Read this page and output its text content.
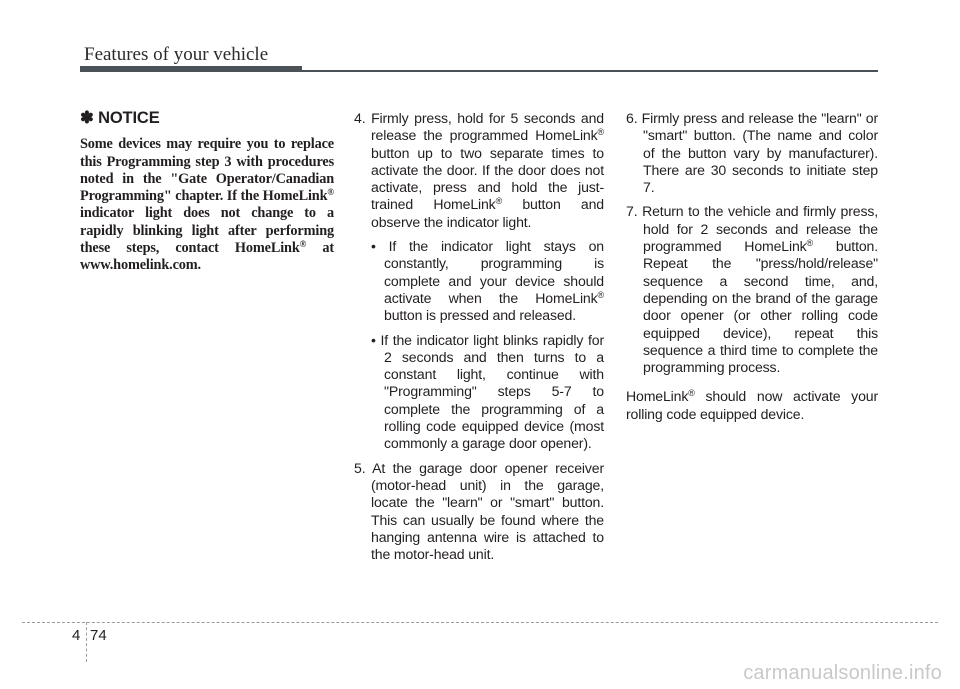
Features of your vehicle
✽ NOTICE

Some devices may require you to replace this Programming step 3 with procedures noted in the "Gate Operator/Canadian Programming" chapter. If the HomeLink® indicator light does not change to a rapidly blinking light after performing these steps, contact HomeLink® at www.homelink.com.

4. Firmly press, hold for 5 seconds and release the programmed HomeLink® button up to two separate times to activate the door. If the door does not activate, press and hold the just-trained HomeLink® button and observe the indicator light.

• If the indicator light stays on constantly, programming is complete and your device should activate when the HomeLink® button is pressed and released.

• If the indicator light blinks rapidly for 2 seconds and then turns to a constant light, continue with "Programming" steps 5-7 to complete the programming of a rolling code equipped device (most commonly a garage door opener).

5. At the garage door opener receiver (motor-head unit) in the garage, locate the "learn" or "smart" button. This can usually be found where the hanging antenna wire is attached to the motor-head unit.

6. Firmly press and release the "learn" or "smart" button. (The name and color of the button vary by manufacturer). There are 30 seconds to initiate step 7.

7. Return to the vehicle and firmly press, hold for 2 seconds and release the programmed HomeLink® button. Repeat the "press/hold/release" sequence a second time, and, depending on the brand of the garage door opener (or other rolling code equipped device), repeat this sequence a third time to complete the programming process.

HomeLink® should now activate your rolling code equipped device.

4 74
carmanualsonline.info
